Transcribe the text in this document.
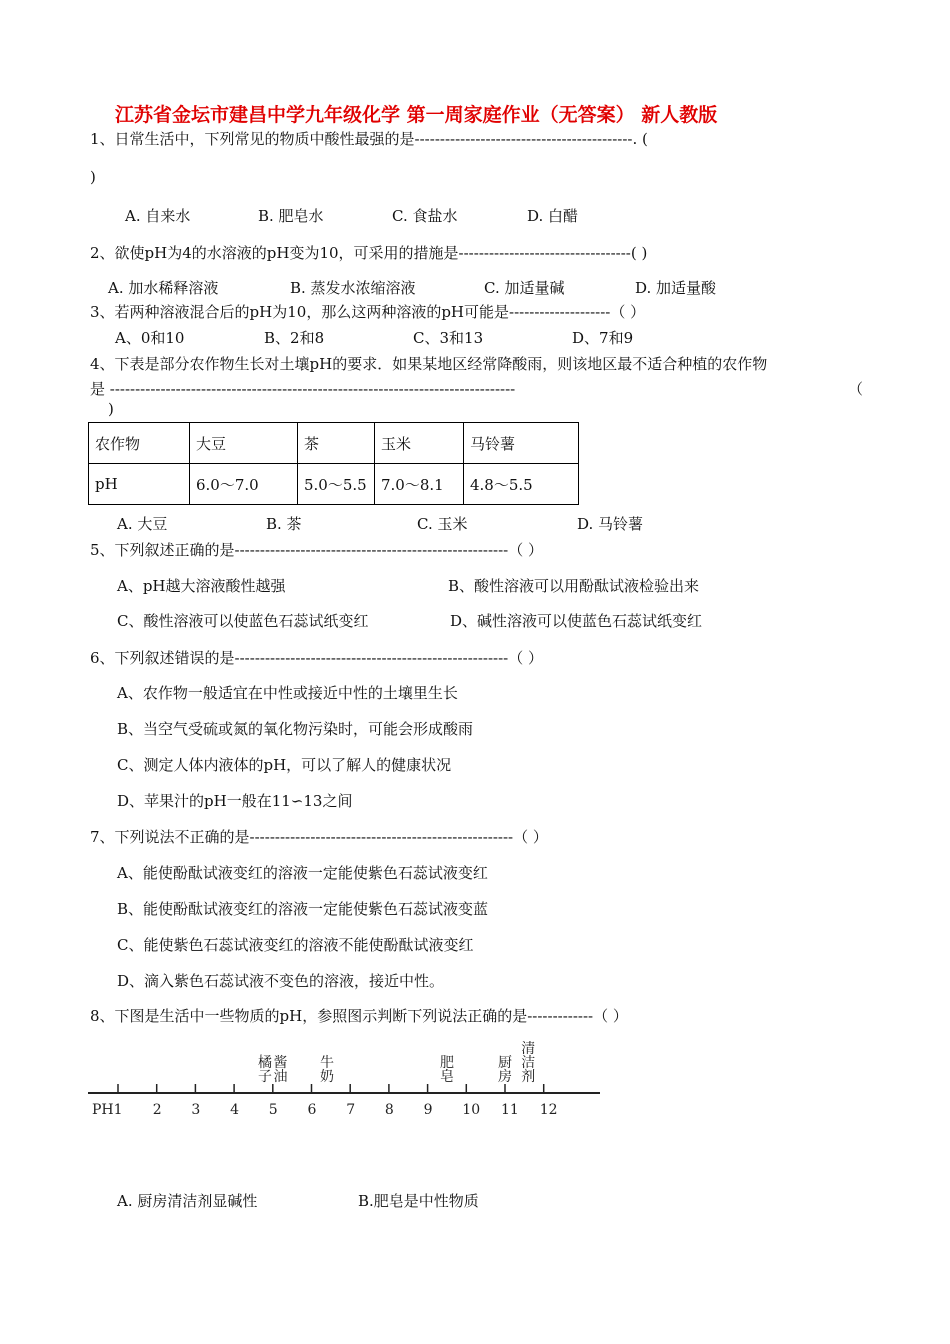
江苏省金坛市建昌中学九年级化学 第一周家庭作业（无答案） 新人教版
1、日常生活中，下列常见的物质中酸性最强的是-------------------------------------------. (
)
A. 自来水	B. 肥皂水	C. 食盐水	D. 白醋
2、欲使pH为4的水溶液的pH变为10，可采用的措施是----------------------------------( )
A. 加水稀释溶液	B. 蒸发水浓缩溶液	C. 加适量碱	D. 加适量酸
3、若两种溶液混合后的pH为10，那么这两种溶液的pH可能是--------------------（ ）
A、0和10	B、2和8	C、3和13	D、7和9
4、下表是部分农作物生长对土壤pH的要求．如果某地区经常降酸雨，则该地区最不适合种植的农作物
是 --------------------------------------------------------------------------------	（
)
农作物	大豆	茶	玉米	马铃薯
pH	6.0～7.0	5.0～5.5	7.0～8.1	4.8～5.5
A. 大豆	B. 茶	C. 玉米	D. 马铃薯
5、下列叙述正确的是------------------------------------------------------（ ）
A、pH越大溶液酸性越强	B、酸性溶液可以用酚酞试液检验出来
C、酸性溶液可以使蓝色石蕊试纸变红	D、碱性溶液可以使蓝色石蕊试纸变红
6、下列叙述错误的是------------------------------------------------------（ ）
A、农作物一般适宜在中性或接近中性的土壤里生长
B、当空气受硫或氮的氧化物污染时，可能会形成酸雨
C、测定人体内液体的pH，可以了解人的健康状况
D、苹果汁的pH一般在11∽13之间
7、下列说法不正确的是----------------------------------------------------（ ）
A、能使酚酞试液变红的溶液一定能使紫色石蕊试液变红
B、能使酚酞试液变红的溶液一定能使紫色石蕊试液变蓝
C、能使紫色石蕊试液变红的溶液不能使酚酞试液变红
D、滴入紫色石蕊试液不变色的溶液，接近中性。
8、下图是生活中一些物质的pH，参照图示判断下列说法正确的是-------------（ ）
PH1 2 3 4 5 6 7 8 9 10 11 12
橘
子
酱
油
牛
奶
肥
皂
厨
房
清
洁
剂
A. 厨房清洁剂显碱性	B.肥皂是中性物质
